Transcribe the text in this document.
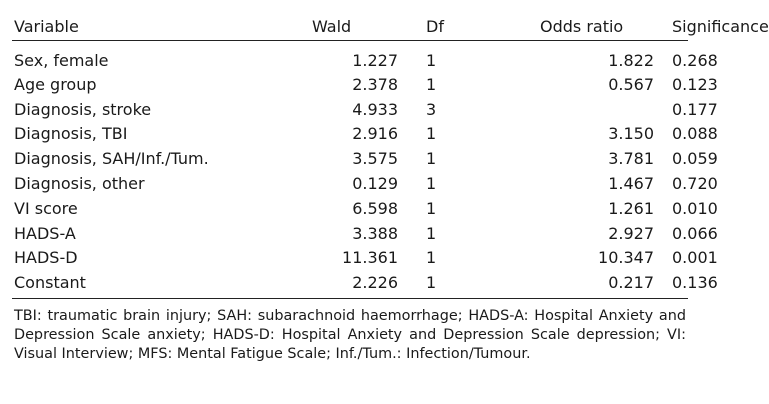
Variable	Wald	Df	Odds ratio	Significance
Sex, female	1.227	1	1.822	0.268
Age group	2.378	1	0.567	0.123
Diagnosis, stroke	4.933	3		0.177
Diagnosis, TBI	2.916	1	3.150	0.088
Diagnosis, SAH/Inf./Tum.	3.575	1	3.781	0.059
Diagnosis, other	0.129	1	1.467	0.720
VI score	6.598	1	1.261	0.010
HADS-A	3.388	1	2.927	0.066
HADS-D	11.361	1	10.347	0.001
Constant	2.226	1	0.217	0.136
TBI: traumatic brain injury; SAH: subarachnoid haemorrhage; HADS-A: Hospital Anxiety and Depression Scale anxiety; HADS-D: Hospital Anxiety and Depression Scale depression; VI: Visual Interview; MFS: Mental Fatigue Scale; Inf./Tum.: Infection/Tumour.
